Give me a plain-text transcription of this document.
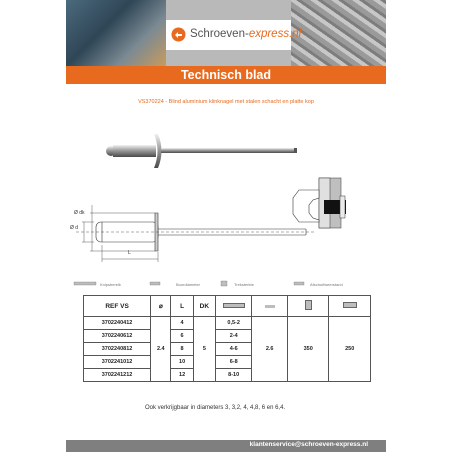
Schroeven-express.nl
Technisch blad
VS370224 - Blind aluminium klinknagel met stalen schacht en platte kop
Ø d
Ø dk
L
Knipsbereik	Boordiameter	Treksterkte	Afschuifweerstand
REF VS	⌀	L	DK				
3702240412	2.4	4	5	0,5-2	2.6	350	250
3702240612		6		2-4			
3702240812		8		4-6			
3702241012		10		6-8			
3702241212		12		8-10			
Ook verkrijgbaar in diameters 3, 3,2, 4, 4,8, 6 en 6,4.
klantenservice@schroeven-express.nl
